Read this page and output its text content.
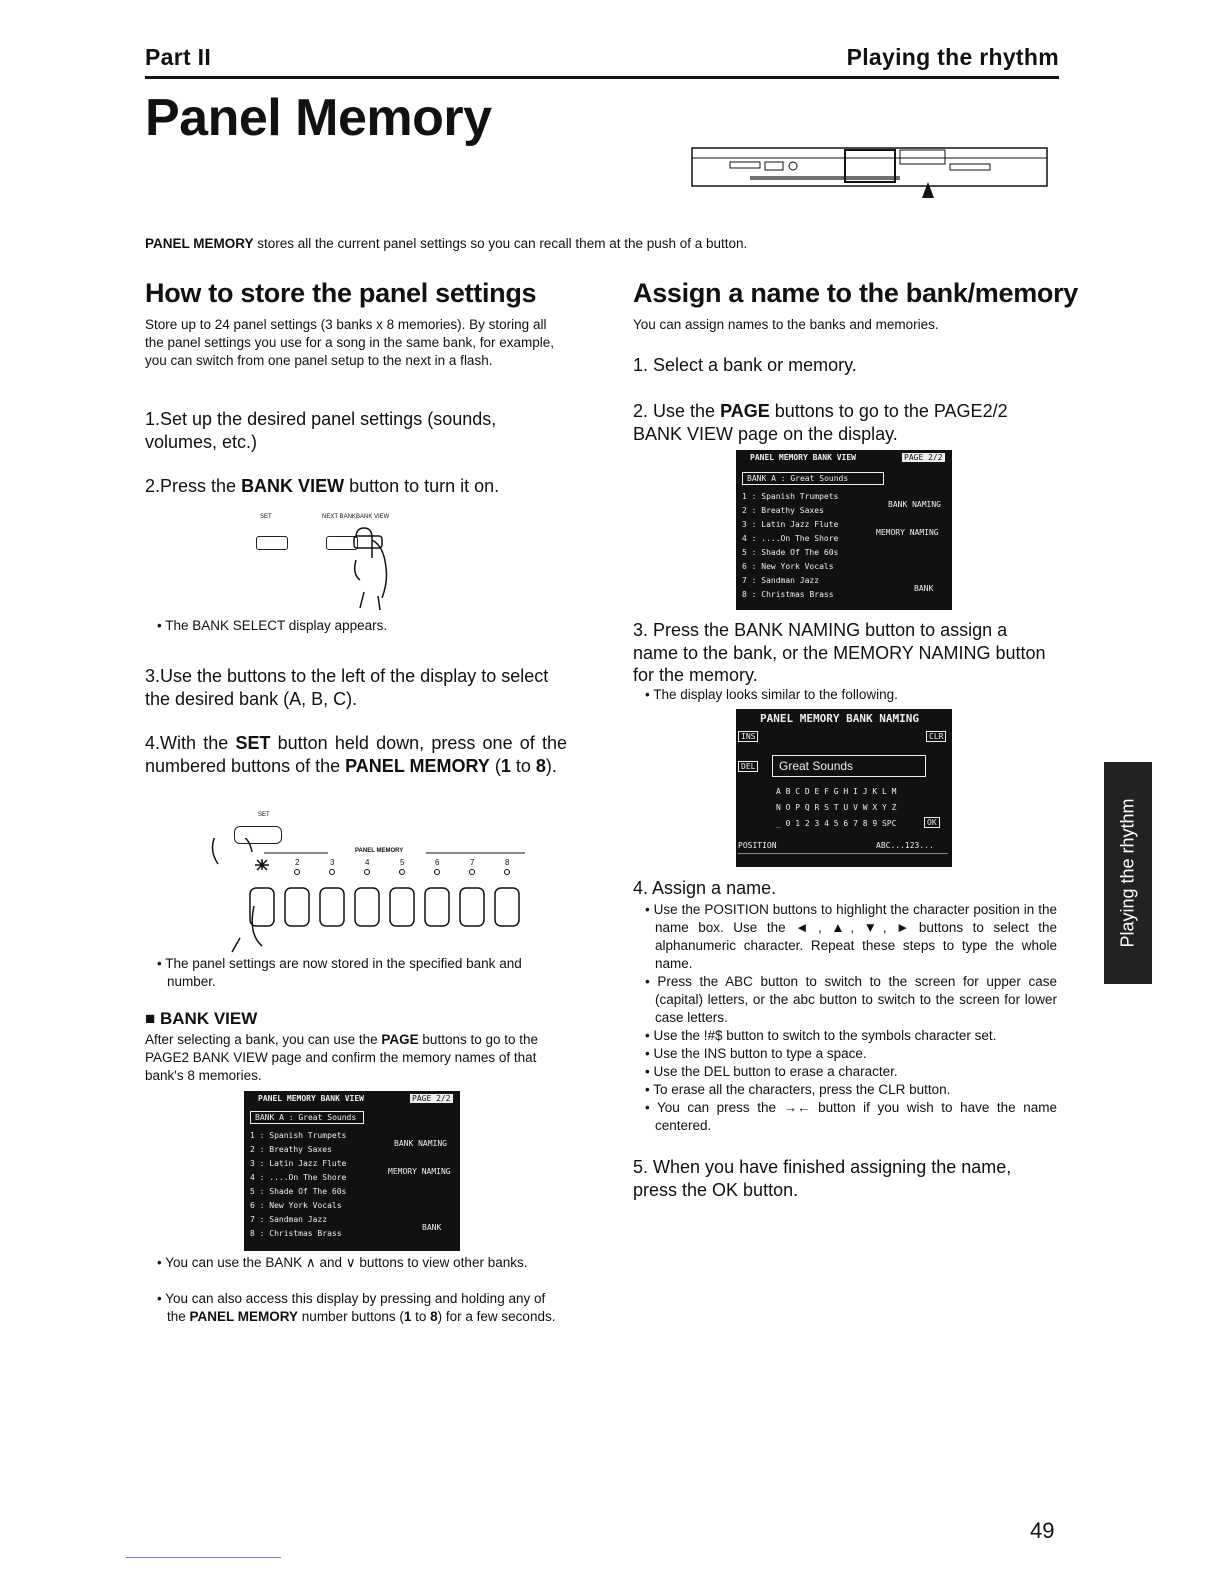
Part II	Playing the rhythm
Panel Memory
PANEL MEMORY stores all the current panel settings so you can recall them at the push of a button.
How to store the panel settings
Store up to 24 panel settings (3 banks x 8 memories). By storing all the panel settings you use for a song in the same bank, for example, you can switch from one panel setup to the next in a flash.
1.Set up the desired panel settings (sounds, volumes, etc.)
2.Press the BANK VIEW button to turn it on.
SET	NEXT BANK BANK VIEW
• The BANK SELECT display appears.
3.Use the buttons to the left of the display to select the desired bank (A, B, C).
4.With the SET button held down, press one of the numbered buttons of the PANEL MEMORY (1 to 8).
SET
PANEL MEMORY
1	2	3	4	5	6	7	8
• The panel settings are now stored in the specified bank and number.
■ BANK VIEW
After selecting a bank, you can use the PAGE buttons to go to the PAGE2 BANK VIEW page and confirm the memory names of that bank's 8 memories.
PANEL MEMORY BANK VIEW	PAGE 2/2
BANK A : Great Sounds
1 : Spanish Trumpets
2 : Breathy Saxes
3 : Latin Jazz Flute
4 : ....On The Shore
5 : Shade Of The 60s
6 : New York Vocals
7 : Sandman Jazz
8 : Christmas Brass
BANK NAMING
MEMORY NAMING
BANK
• You can use the BANK ∧ and ∨ buttons to view other banks.
• You can also access this display by pressing and holding any of the PANEL MEMORY number buttons (1 to 8) for a few seconds.
Assign a name to the bank/memory
You can assign names to the banks and memories.
1. Select a bank or memory.
2. Use the PAGE buttons to go to the PAGE2/2 BANK VIEW page on the display.
PANEL MEMORY BANK VIEW	PAGE 2/2
BANK A : Great Sounds
1 : Spanish Trumpets
2 : Breathy Saxes
3 : Latin Jazz Flute
4 : ....On The Shore
5 : Shade Of The 60s
6 : New York Vocals
7 : Sandman Jazz
8 : Christmas Brass
BANK NAMING
MEMORY NAMING
BANK
3. Press the BANK NAMING button to assign a name to the bank, or the MEMORY NAMING button for the memory.
• The display looks similar to the following.
PANEL MEMORY BANK NAMING
INS	CLR
DEL	Great Sounds
A B C D E F G H I J K L M
N O P Q R S T U V W X Y Z
_ 0 1 2 3 4 5 6 7 8 9 SPC	OK
POSITION	ABC...123...
4. Assign a name.
• Use the POSITION buttons to highlight the character position in the name box. Use the ◄ , ▲, ▼, ► buttons to select the alphanumeric character. Repeat these steps to type the whole name.
• Press the ABC button to switch to the screen for upper case (capital) letters, or the abc button to switch to the screen for lower case letters.
• Use the !#$ button to switch to the symbols character set.
• Use the INS button to type a space.
• Use the DEL button to erase a character.
• To erase all the characters, press the CLR button.
• You can press the →← button if you wish to have the name centered.
5. When you have finished assigning the name, press the OK button.
Playing the rhythm
49
